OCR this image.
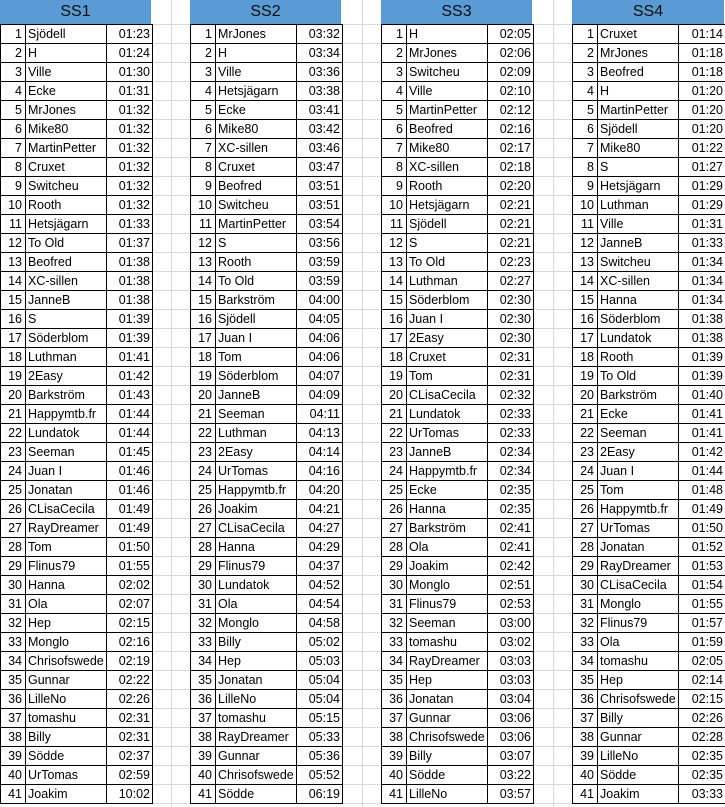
SS1
1	Sjödell	01:23
2	H	01:24
3	Ville	01:30
4	Ecke	01:31
5	MrJones	01:32
6	Mike80	01:32
7	MartinPetter	01:32
8	Cruxet	01:32
9	Switcheu	01:32
10	Rooth	01:32
11	Hetsjägarn	01:33
12	To Old	01:37
13	Beofred	01:38
14	XC-sillen	01:38
15	JanneB	01:38
16	S	01:39
17	Söderblom	01:39
18	Luthman	01:41
19	2Easy	01:42
20	Barkström	01:43
21	Happymtb.fr	01:44
22	Lundatok	01:44
23	Seeman	01:45
24	Juan I	01:46
25	Jonatan	01:46
26	CLisaCecila	01:49
27	RayDreamer	01:49
28	Tom	01:50
29	Flinus79	01:55
30	Hanna	02:02
31	Ola	02:07
32	Hep	02:15
33	Monglo	02:16
34	Chrisofswede	02:19
35	Gunnar	02:22
36	LilleNo	02:26
37	tomashu	02:31
38	Billy	02:31
39	Södde	02:37
40	UrTomas	02:59
41	Joakim	10:02
SS2
1	MrJones	03:32
2	H	03:34
3	Ville	03:36
4	Hetsjägarn	03:38
5	Ecke	03:41
6	Mike80	03:42
7	XC-sillen	03:46
8	Cruxet	03:47
9	Beofred	03:51
10	Switcheu	03:51
11	MartinPetter	03:54
12	S	03:56
13	Rooth	03:59
14	To Old	03:59
15	Barkström	04:00
16	Sjödell	04:05
17	Juan I	04:06
18	Tom	04:06
19	Söderblom	04:07
20	JanneB	04:09
21	Seeman	04:11
22	Luthman	04:13
23	2Easy	04:14
24	UrTomas	04:16
25	Happymtb.fr	04:20
26	Joakim	04:21
27	CLisaCecila	04:27
28	Hanna	04:29
29	Flinus79	04:37
30	Lundatok	04:52
31	Ola	04:54
32	Monglo	04:58
33	Billy	05:02
34	Hep	05:03
35	Jonatan	05:04
36	LilleNo	05:04
37	tomashu	05:15
38	RayDreamer	05:33
39	Gunnar	05:36
40	Chrisofswede	05:52
41	Södde	06:19
SS3
1	H	02:05
2	MrJones	02:06
3	Switcheu	02:09
4	Ville	02:10
5	MartinPetter	02:12
6	Beofred	02:16
7	Mike80	02:17
8	XC-sillen	02:18
9	Rooth	02:20
10	Hetsjägarn	02:21
11	Sjödell	02:21
12	S	02:21
13	To Old	02:23
14	Luthman	02:27
15	Söderblom	02:30
16	Juan I	02:30
17	2Easy	02:30
18	Cruxet	02:31
19	Tom	02:31
20	CLisaCecila	02:32
21	Lundatok	02:33
22	UrTomas	02:33
23	JanneB	02:34
24	Happymtb.fr	02:34
25	Ecke	02:35
26	Hanna	02:35
27	Barkström	02:41
28	Ola	02:41
29	Joakim	02:42
30	Monglo	02:51
31	Flinus79	02:53
32	Seeman	03:00
33	tomashu	03:02
34	RayDreamer	03:03
35	Hep	03:03
36	Jonatan	03:04
37	Gunnar	03:06
38	Chrisofswede	03:06
39	Billy	03:07
40	Södde	03:22
41	LilleNo	03:57
SS4
1	Cruxet	01:14
2	MrJones	01:18
3	Beofred	01:18
4	H	01:20
5	MartinPetter	01:20
6	Sjödell	01:20
7	Mike80	01:22
8	S	01:27
9	Hetsjägarn	01:29
10	Luthman	01:29
11	Ville	01:31
12	JanneB	01:33
13	Switcheu	01:34
14	XC-sillen	01:34
15	Hanna	01:34
16	Söderblom	01:38
17	Lundatok	01:38
18	Rooth	01:39
19	To Old	01:39
20	Barkström	01:40
21	Ecke	01:41
22	Seeman	01:41
23	2Easy	01:42
24	Juan I	01:44
25	Tom	01:48
26	Happymtb.fr	01:49
27	UrTomas	01:50
28	Jonatan	01:52
29	RayDreamer	01:53
30	CLisaCecila	01:54
31	Monglo	01:55
32	Flinus79	01:57
33	Ola	01:59
34	tomashu	02:05
35	Hep	02:14
36	Chrisofswede	02:15
37	Billy	02:26
38	Gunnar	02:28
39	LilleNo	02:35
40	Södde	02:35
41	Joakim	03:33
